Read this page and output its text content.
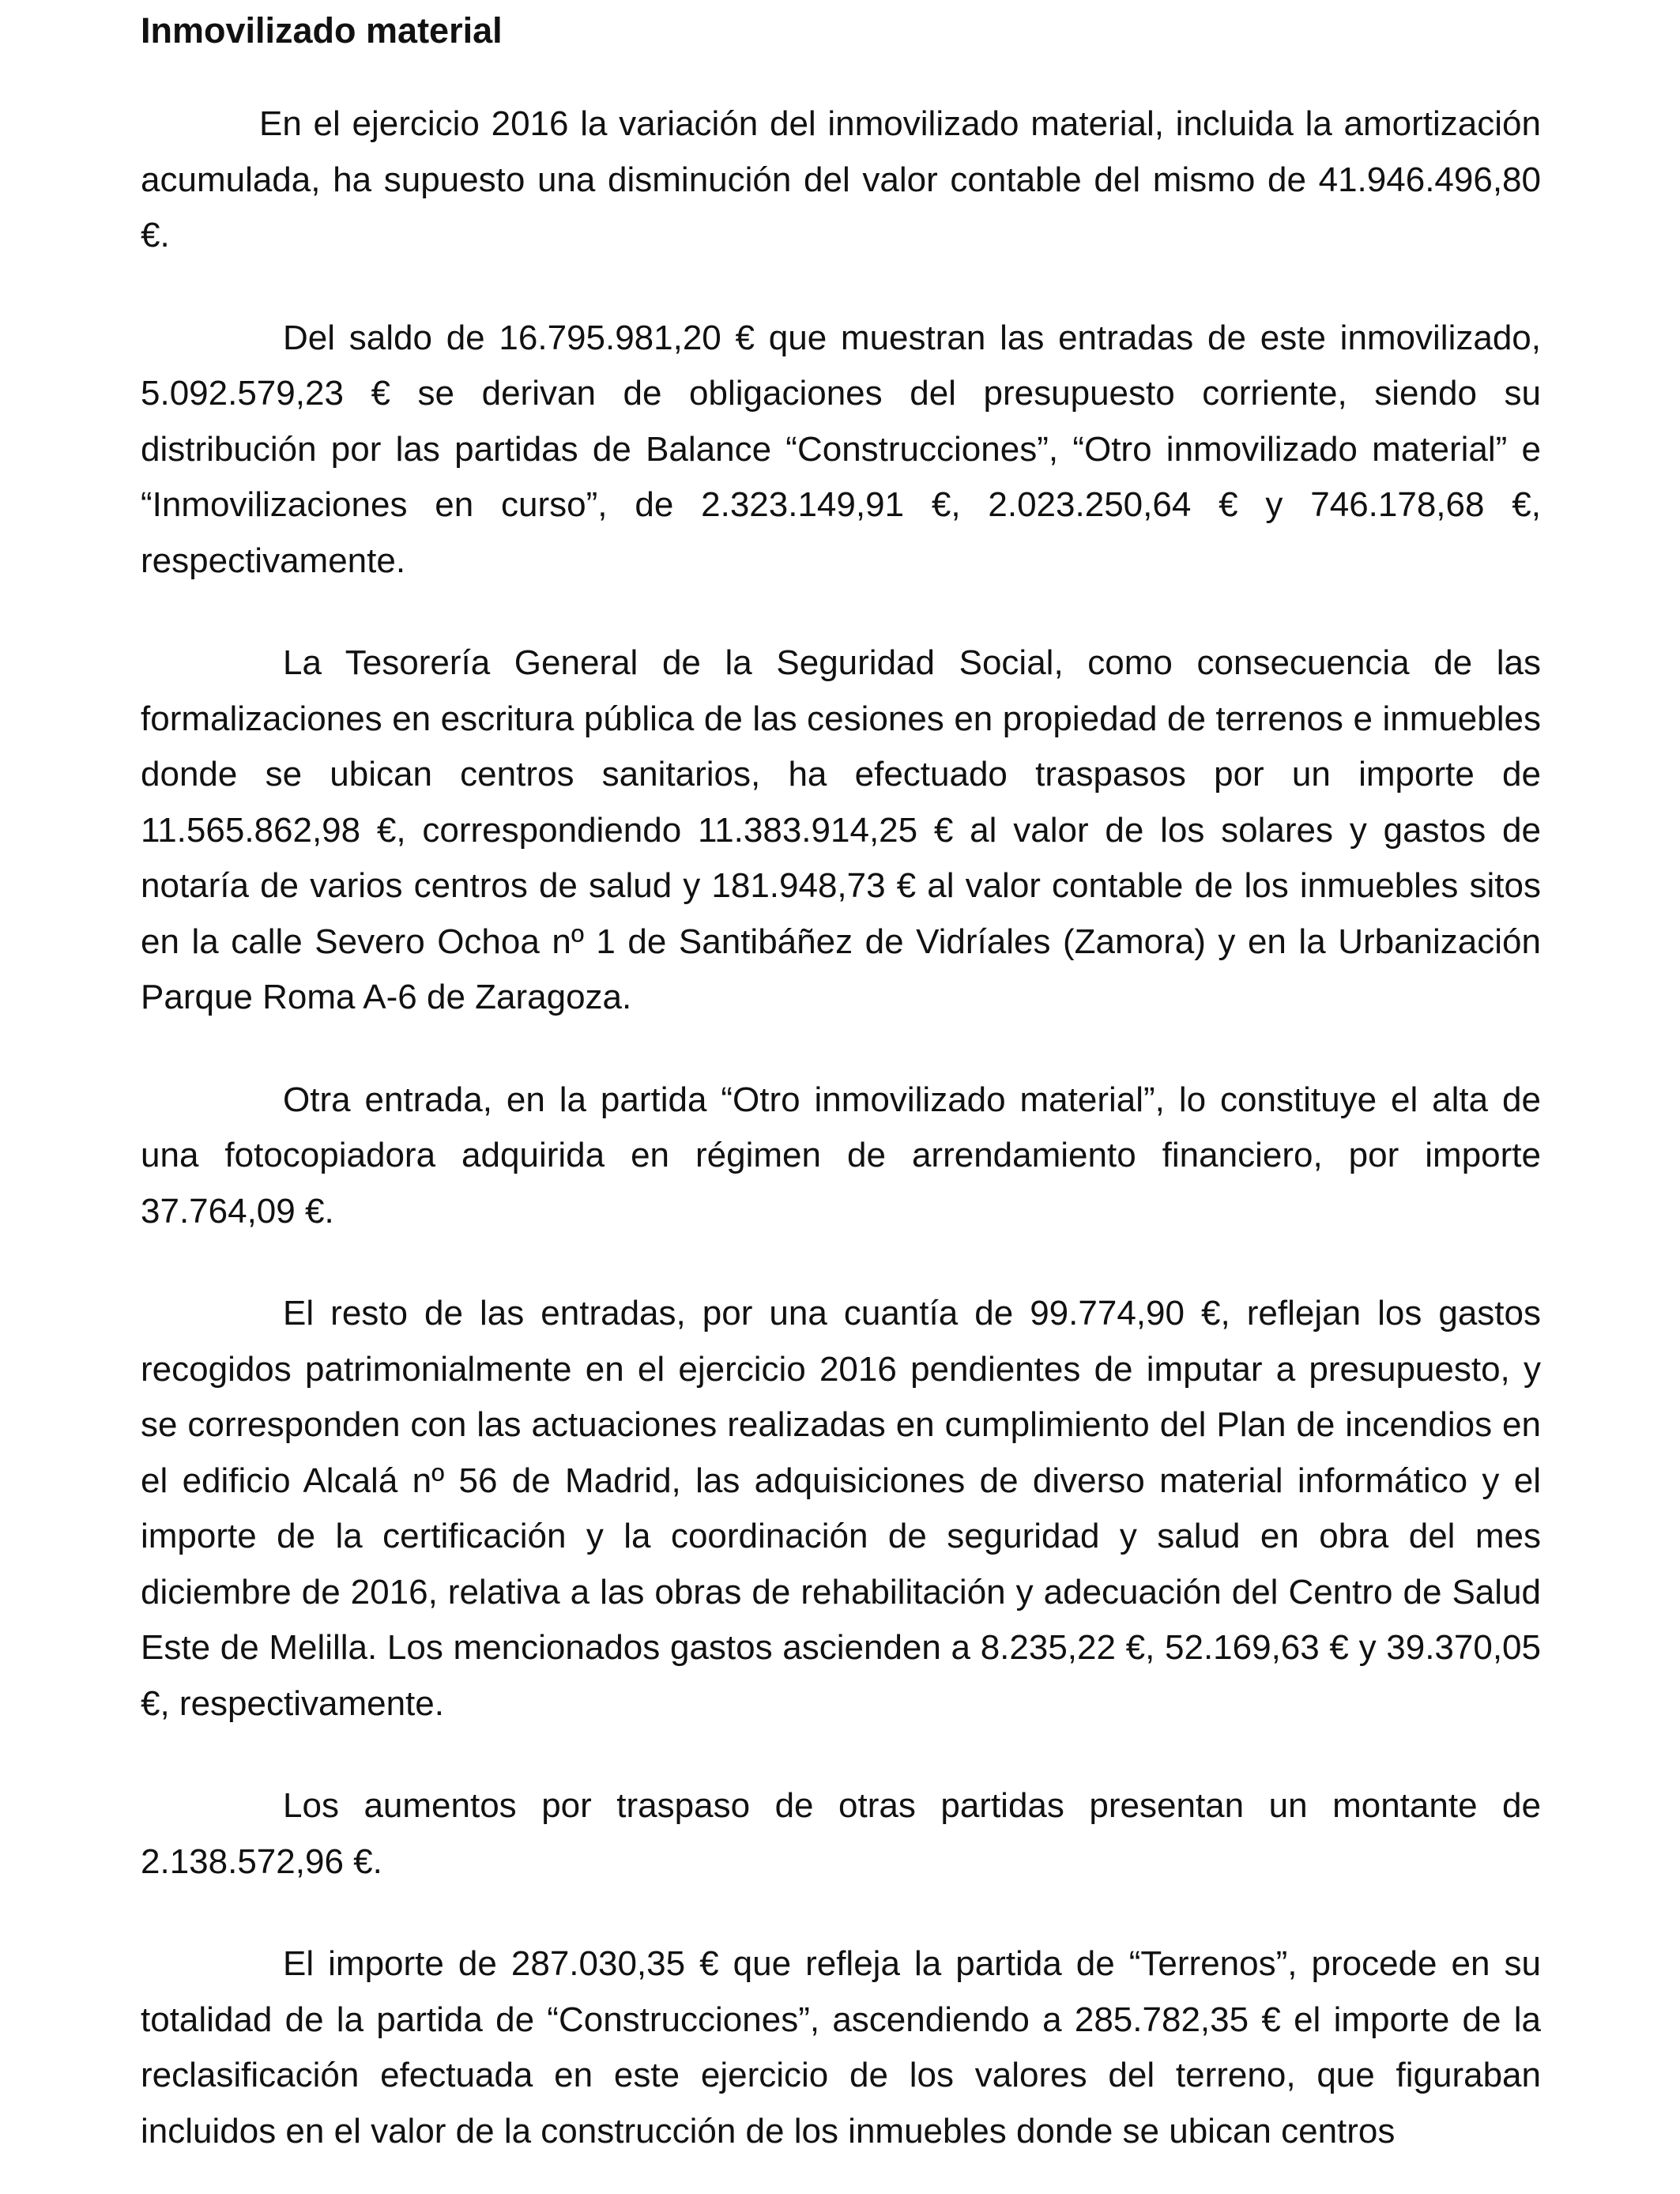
Inmovilizado material

En el ejercicio 2016 la variación del inmovilizado material, incluida la amortización acumulada, ha supuesto una disminución del valor contable del mismo de 41.946.496,80 €.

Del saldo de 16.795.981,20 € que muestran las entradas de este inmovilizado, 5.092.579,23 € se derivan de obligaciones del presupuesto corriente, siendo su distribución por las partidas de Balance “Construcciones”, “Otro inmovilizado material” e “Inmovilizaciones en curso”, de 2.323.149,91 €, 2.023.250,64 € y 746.178,68 €, respectivamente.

La Tesorería General de la Seguridad Social, como consecuencia de las formalizaciones en escritura pública de las cesiones en propiedad de terrenos e inmuebles donde se ubican centros sanitarios, ha efectuado traspasos por un importe de 11.565.862,98 €, correspondiendo 11.383.914,25 € al valor de los solares y gastos de notaría de varios centros de salud y 181.948,73 € al valor contable de los inmuebles sitos en la calle Severo Ochoa nº 1 de Santibáñez de Vidríales (Zamora) y en la Urbanización Parque Roma A-6 de Zaragoza.

Otra entrada, en la partida “Otro inmovilizado material”, lo constituye el alta de una fotocopiadora adquirida en régimen de arrendamiento financiero, por importe 37.764,09 €.

El resto de las entradas, por una cuantía de 99.774,90 €, reflejan los gastos recogidos patrimonialmente en el ejercicio 2016 pendientes de imputar a presupuesto, y se corresponden con las actuaciones realizadas en cumplimiento del Plan de incendios en el edificio Alcalá nº 56 de Madrid, las adquisiciones de diverso material informático y el importe de la certificación y la coordinación de seguridad y salud en obra del mes diciembre de 2016, relativa a las obras de rehabilitación y adecuación del Centro de Salud Este de Melilla. Los mencionados gastos ascienden a 8.235,22 €, 52.169,63 € y 39.370,05 €, respectivamente.

Los aumentos por traspaso de otras partidas presentan un montante de 2.138.572,96 €.

El importe de 287.030,35 € que refleja la partida de “Terrenos”, procede en su totalidad de la partida de “Construcciones”, ascendiendo a 285.782,35 € el importe de la reclasificación efectuada en este ejercicio de los valores del terreno, que figuraban incluidos en el valor de la construcción de los inmuebles donde se ubican centros
